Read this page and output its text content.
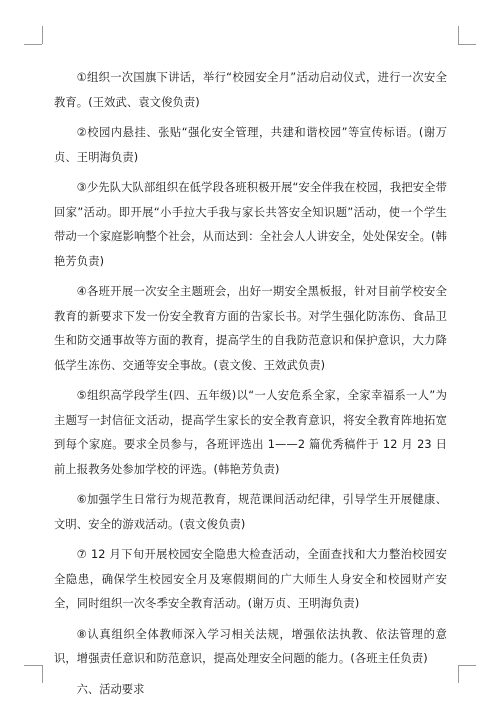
①组织一次国旗下讲话，举行“校园安全月”活动启动仪式，进行一次安全教育。(王效武、袁文俊负责)

②校园内悬挂、张贴“强化安全管理，共建和谐校园”等宣传标语。(谢万贞、王明海负责)

③少先队大队部组织在低学段各班积极开展“安全伴我在校园，我把安全带回家”活动。即开展“小手拉大手我与家长共答安全知识题”活动，使一个学生带动一个家庭影响整个社会，从而达到：全社会人人讲安全，处处保安全。(韩艳芳负责)

④各班开展一次安全主题班会，出好一期安全黑板报，针对目前学校安全教育的新要求下发一份安全教育方面的告家长书。对学生强化防冻伤、食品卫生和防交通事故等方面的教育，提高学生的自我防范意识和保护意识，大力降低学生冻伤、交通等安全事故。(袁文俊、王效武负责)

⑤组织高学段学生(四、五年级)以“一人安危系全家，全家幸福系一人”为主题写一封信征文活动，提高学生家长的安全教育意识，将安全教育阵地拓宽到每个家庭。要求全员参与，各班评选出 1——2 篇优秀稿件于 12 月 23 日前上报教务处参加学校的评选。(韩艳芳负责)

⑥加强学生日常行为规范教育，规范课间活动纪律，引导学生开展健康、文明、安全的游戏活动。(袁文俊负责)

⑦ 12 月下旬开展校园安全隐患大检查活动，全面查找和大力整治校园安全隐患，确保学生校园安全月及寒假期间的广大师生人身安全和校园财产安全，同时组织一次冬季安全教育活动。(谢万贞、王明海负责)

⑧认真组织全体教师深入学习相关法规，增强依法执教、依法管理的意识，增强责任意识和防范意识，提高处理安全问题的能力。(各班主任负责)

六、活动要求
